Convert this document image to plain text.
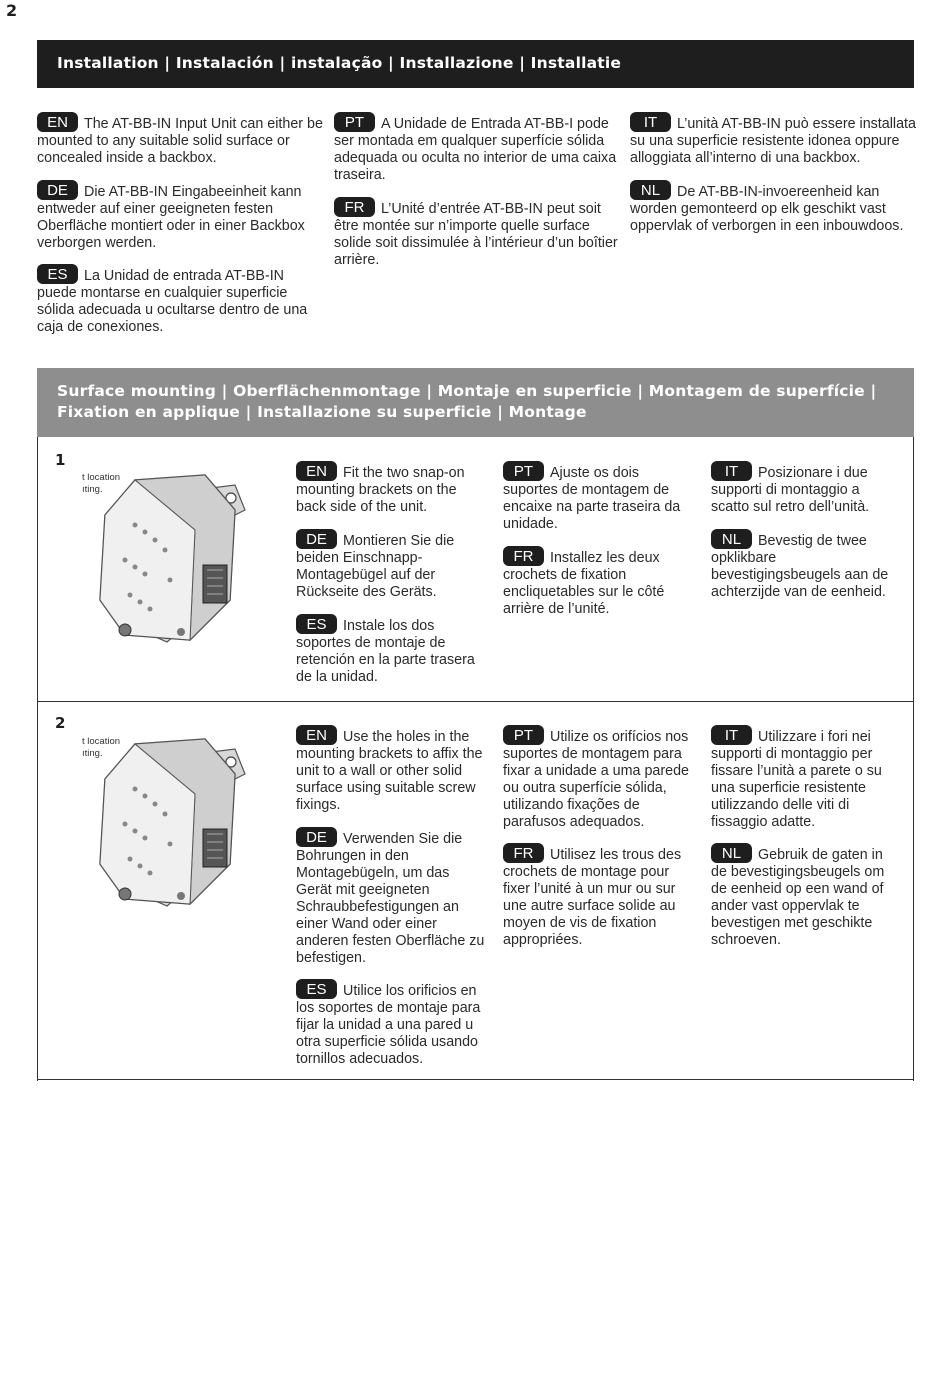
2
Installation | Instalación | instalação | Installazione | Installatie
EN The AT-BB-IN Input Unit can either be mounted to any suitable solid surface or concealed inside a backbox.
DE Die AT-BB-IN Eingabeeinheit kann entweder auf einer geeigneten festen Oberfläche montiert oder in einer Backbox verborgen werden.
ES La Unidad de entrada AT-BB-IN puede montarse en cualquier superficie sólida adecuada u ocultarse dentro de una caja de conexiones.
PT A Unidade de Entrada AT-BB-I pode ser montada em qualquer superfície sólida adequada ou oculta no interior de uma caixa traseira.
FR L’Unité d’entrée AT-BB-IN peut soit être montée sur n’importe quelle surface solide soit dissimulée à l’intérieur d’un boîtier arrière.
IT L’unità AT-BB-IN può essere installata su una superficie resistente idonea oppure alloggiata all’interno di una backbox.
NL De AT-BB-IN-invoereenheid kan worden gemonteerd op elk geschikt vast oppervlak of verborgen in een inbouwdoos.
Surface mounting | Oberflächenmontage | Montaje en superficie | Montagem de superfície |
Fixation en applique | Installazione su superficie | Montage
1
t location
ıting.
EN Fit the two snap-on mounting brackets on the back side of the unit.
DE Montieren Sie die beiden Einschnapp-Montagebügel auf der Rückseite des Geräts.
ES Instale los dos soportes de montaje de retención en la parte trasera de la unidad.
PT Ajuste os dois suportes de montagem de encaixe na parte traseira da unidade.
FR Installez les deux crochets de fixation encliquetables sur le côté arrière de l’unité.
IT Posizionare i due supporti di montaggio a scatto sul retro dell’unità.
NL Bevestig de twee opklikbare bevestigingsbeugels aan de achterzijde van de eenheid.
2
t location
ıting.
EN Use the holes in the mounting brackets to affix the unit to a wall or other solid surface using suitable screw fixings.
DE Verwenden Sie die Bohrungen in den Montagebügeln, um das Gerät mit geeigneten Schraubbefestigungen an einer Wand oder einer anderen festen Oberfläche zu befestigen.
ES Utilice los orificios en los soportes de montaje para fijar la unidad a una pared u otra superficie sólida usando tornillos adecuados.
PT Utilize os orifícios nos suportes de montagem para fixar a unidade a uma parede ou outra superfície sólida, utilizando fixações de parafusos adequados.
FR Utilisez les trous des crochets de montage pour fixer l’unité à un mur ou sur une autre surface solide au moyen de vis de fixation appropriées.
IT Utilizzare i fori nei supporti di montaggio per fissare l’unità a parete o su una superficie resistente utilizzando delle viti di fissaggio adatte.
NL Gebruik de gaten in de bevestigingsbeugels om de eenheid op een wand of ander vast oppervlak te bevestigen met geschikte schroeven.
